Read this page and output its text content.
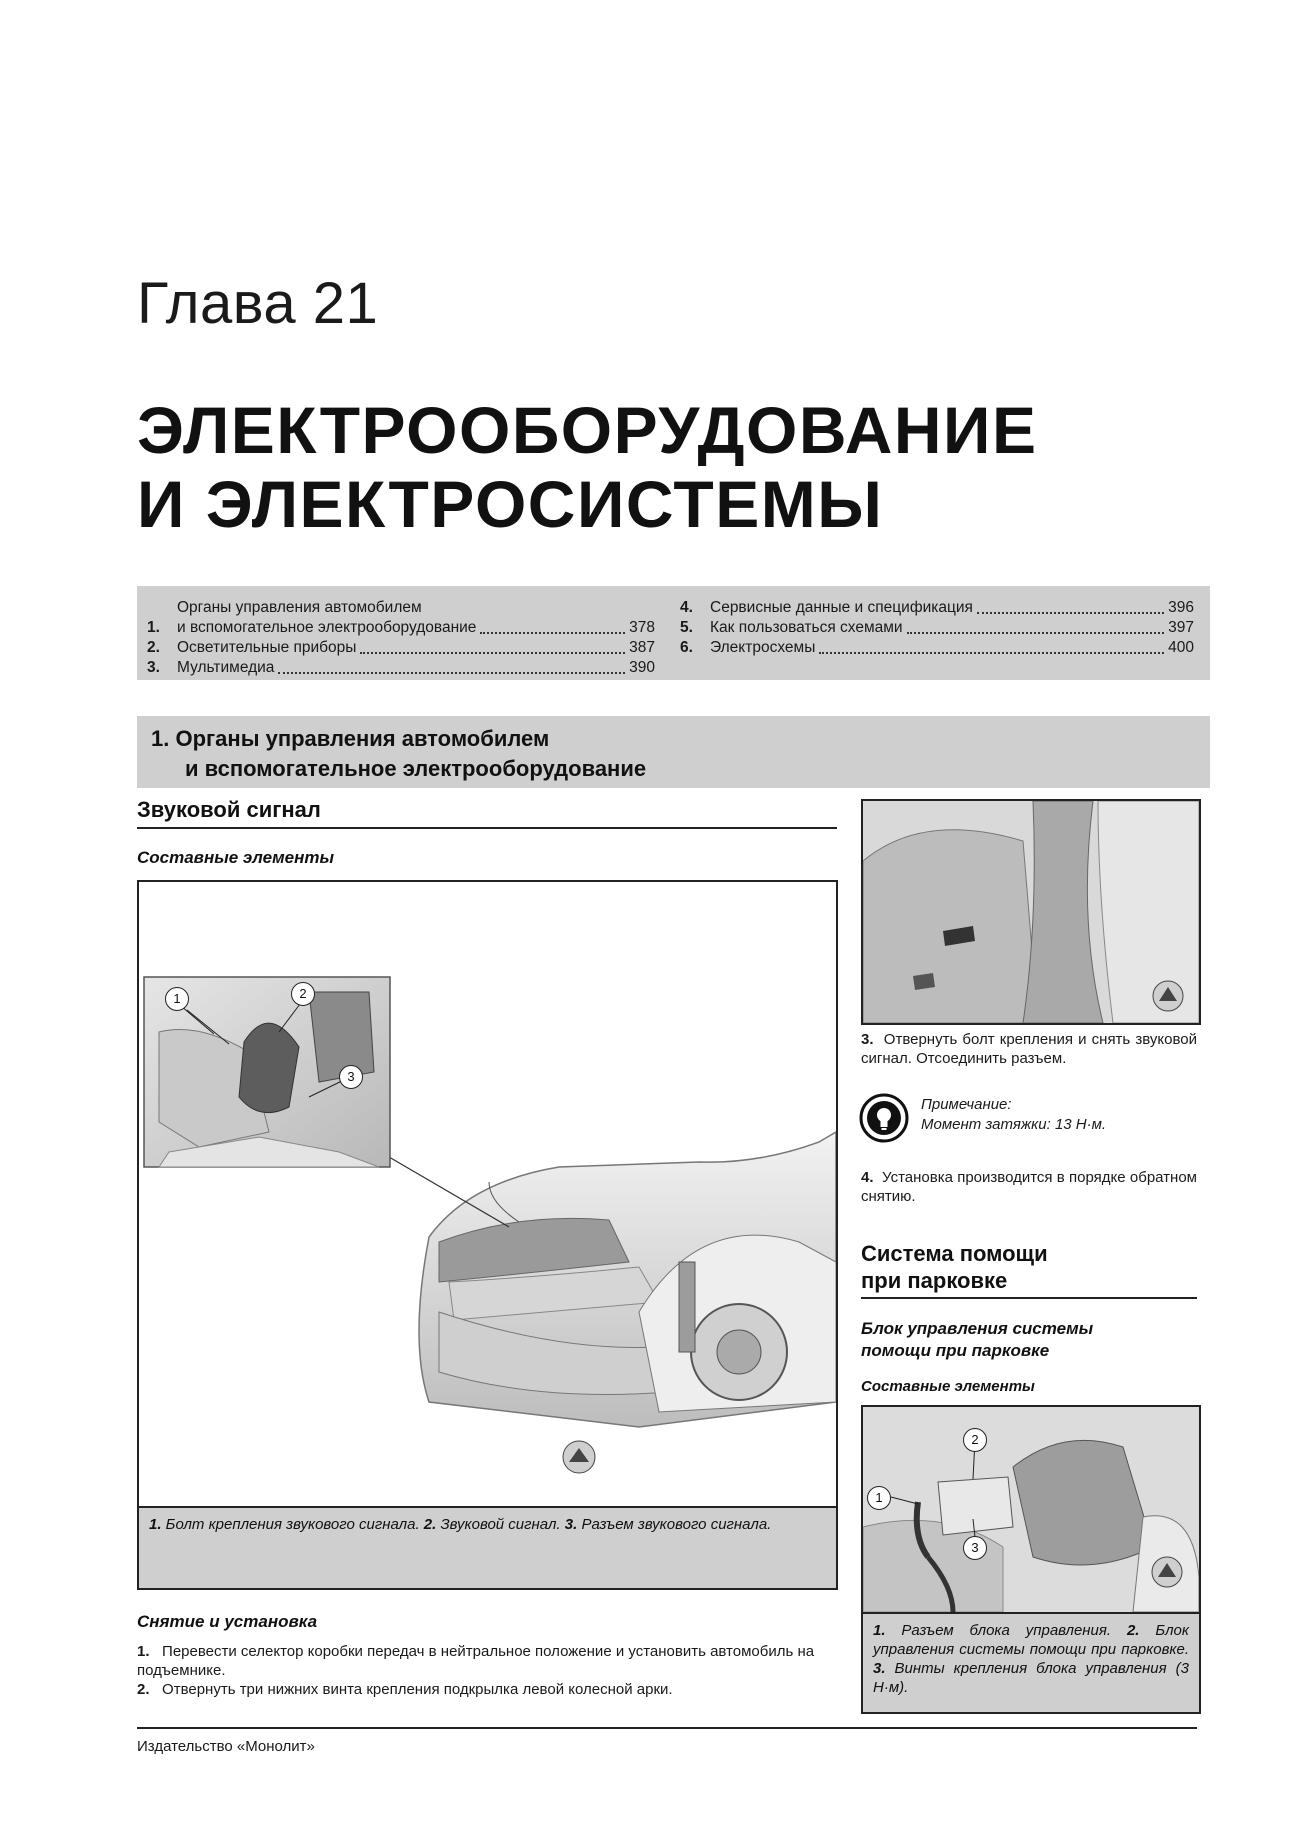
Глава 21
ЭЛЕКТРООБОРУДОВАНИЕ
И ЭЛЕКТРОСИСТЕМЫ
1.
Органы управления автомобилем
и вспомогательное электрооборудование	378
2.	Осветительные приборы	387
3.	Мультимедиа	390
4.	Сервисные данные и спецификация	396
5.	Как пользоваться схемами	397
6.	Электросхемы	400
1. Органы управления автомобилем
и вспомогательное электрооборудование
Звуковой сигнал
Составные элементы
1	2
3
1. Болт крепления звукового сигнала. 2. Звуковой сигнал. 3. Разъем звукового сигнала.
Снятие и установка
1. Перевести селектор коробки передач в нейтральное положение и установить автомобиль на подъемнике.
2. Отвернуть три нижних винта крепления подкрылка левой колесной арки.
3. Отвернуть болт крепления и снять звуковой сигнал. Отсоединить разъем.
Примечание:
Момент затяжки: 13 Н·м.
4. Установка производится в порядке обратном снятию.
Система помощи
при парковке
Блок управления системы
помощи при парковке
Составные элементы
1
2
3
1. Разъем блока управления. 2. Блок управления системы помощи при парковке. 3. Винты крепления блока управления (3 Н·м).
Издательство «Монолит»
